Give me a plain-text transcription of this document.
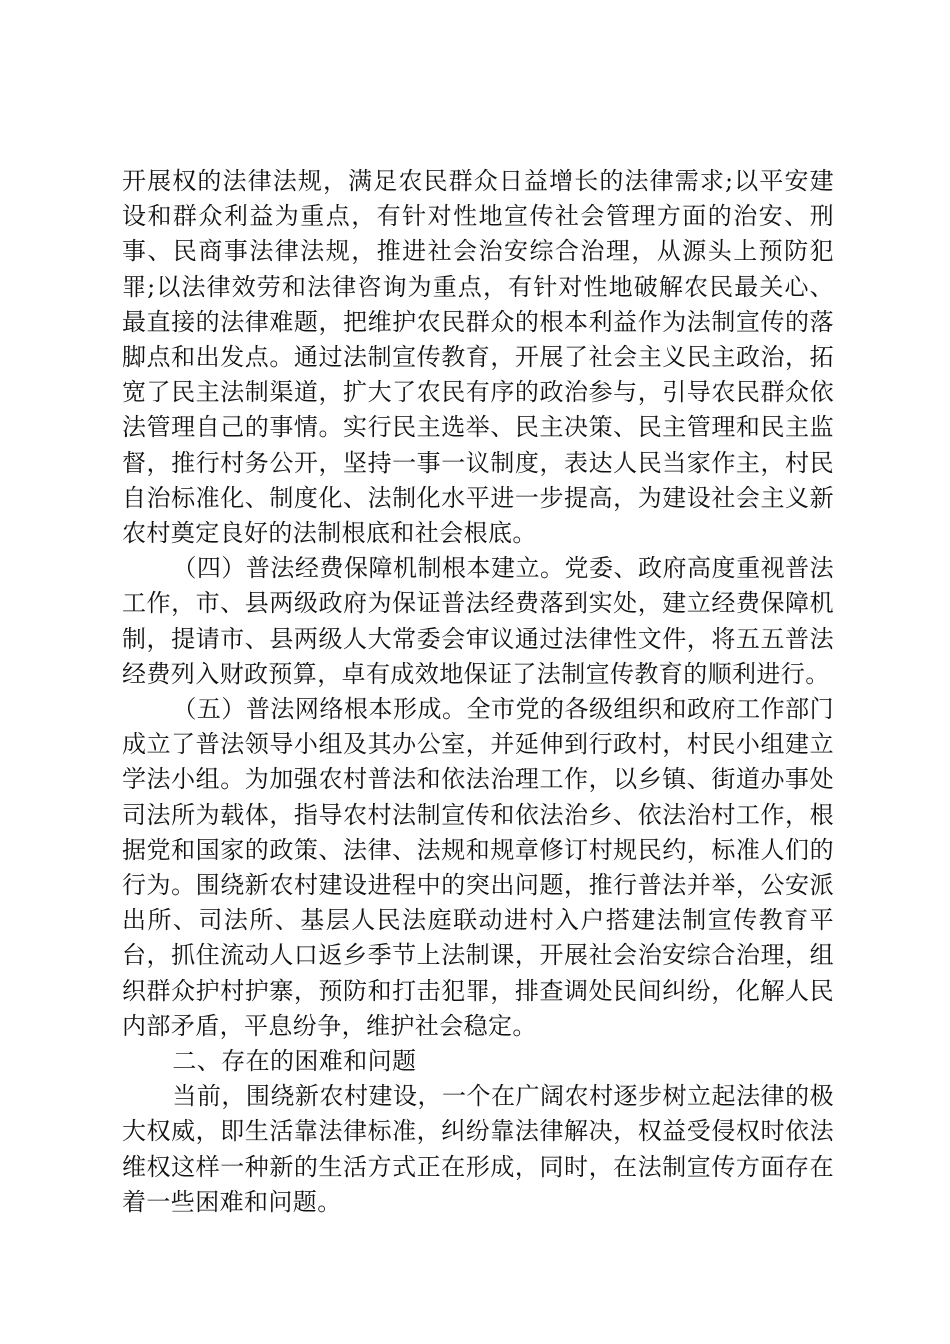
开展权的法律法规，满足农民群众日益增长的法律需求;以平安建设和群众利益为重点，有针对性地宣传社会管理方面的治安、刑事、民商事法律法规，推进社会治安综合治理，从源头上预防犯罪;以法律效劳和法律咨询为重点，有针对性地破解农民最关心、最直接的法律难题，把维护农民群众的根本利益作为法制宣传的落脚点和出发点。通过法制宣传教育，开展了社会主义民主政治，拓宽了民主法制渠道，扩大了农民有序的政治参与，引导农民群众依法管理自己的事情。实行民主选举、民主决策、民主管理和民主监督，推行村务公开，坚持一事一议制度，表达人民当家作主，村民自治标准化、制度化、法制化水平进一步提高，为建设社会主义新农村奠定良好的法制根底和社会根底。

（四）普法经费保障机制根本建立。党委、政府高度重视普法工作，市、县两级政府为保证普法经费落到实处，建立经费保障机制，提请市、县两级人大常委会审议通过法律性文件，将五五普法经费列入财政预算，卓有成效地保证了法制宣传教育的顺利进行。

（五）普法网络根本形成。全市党的各级组织和政府工作部门成立了普法领导小组及其办公室，并延伸到行政村，村民小组建立学法小组。为加强农村普法和依法治理工作，以乡镇、街道办事处司法所为载体，指导农村法制宣传和依法治乡、依法治村工作，根据党和国家的政策、法律、法规和规章修订村规民约，标准人们的行为。围绕新农村建设进程中的突出问题，推行普法并举，公安派出所、司法所、基层人民法庭联动进村入户搭建法制宣传教育平台，抓住流动人口返乡季节上法制课，开展社会治安综合治理，组织群众护村护寨，预防和打击犯罪，排查调处民间纠纷，化解人民内部矛盾，平息纷争，维护社会稳定。

二、存在的困难和问题

当前，围绕新农村建设，一个在广阔农村逐步树立起法律的极大权威，即生活靠法律标准，纠纷靠法律解决，权益受侵权时依法维权这样一种新的生活方式正在形成，同时，在法制宣传方面存在着一些困难和问题。
